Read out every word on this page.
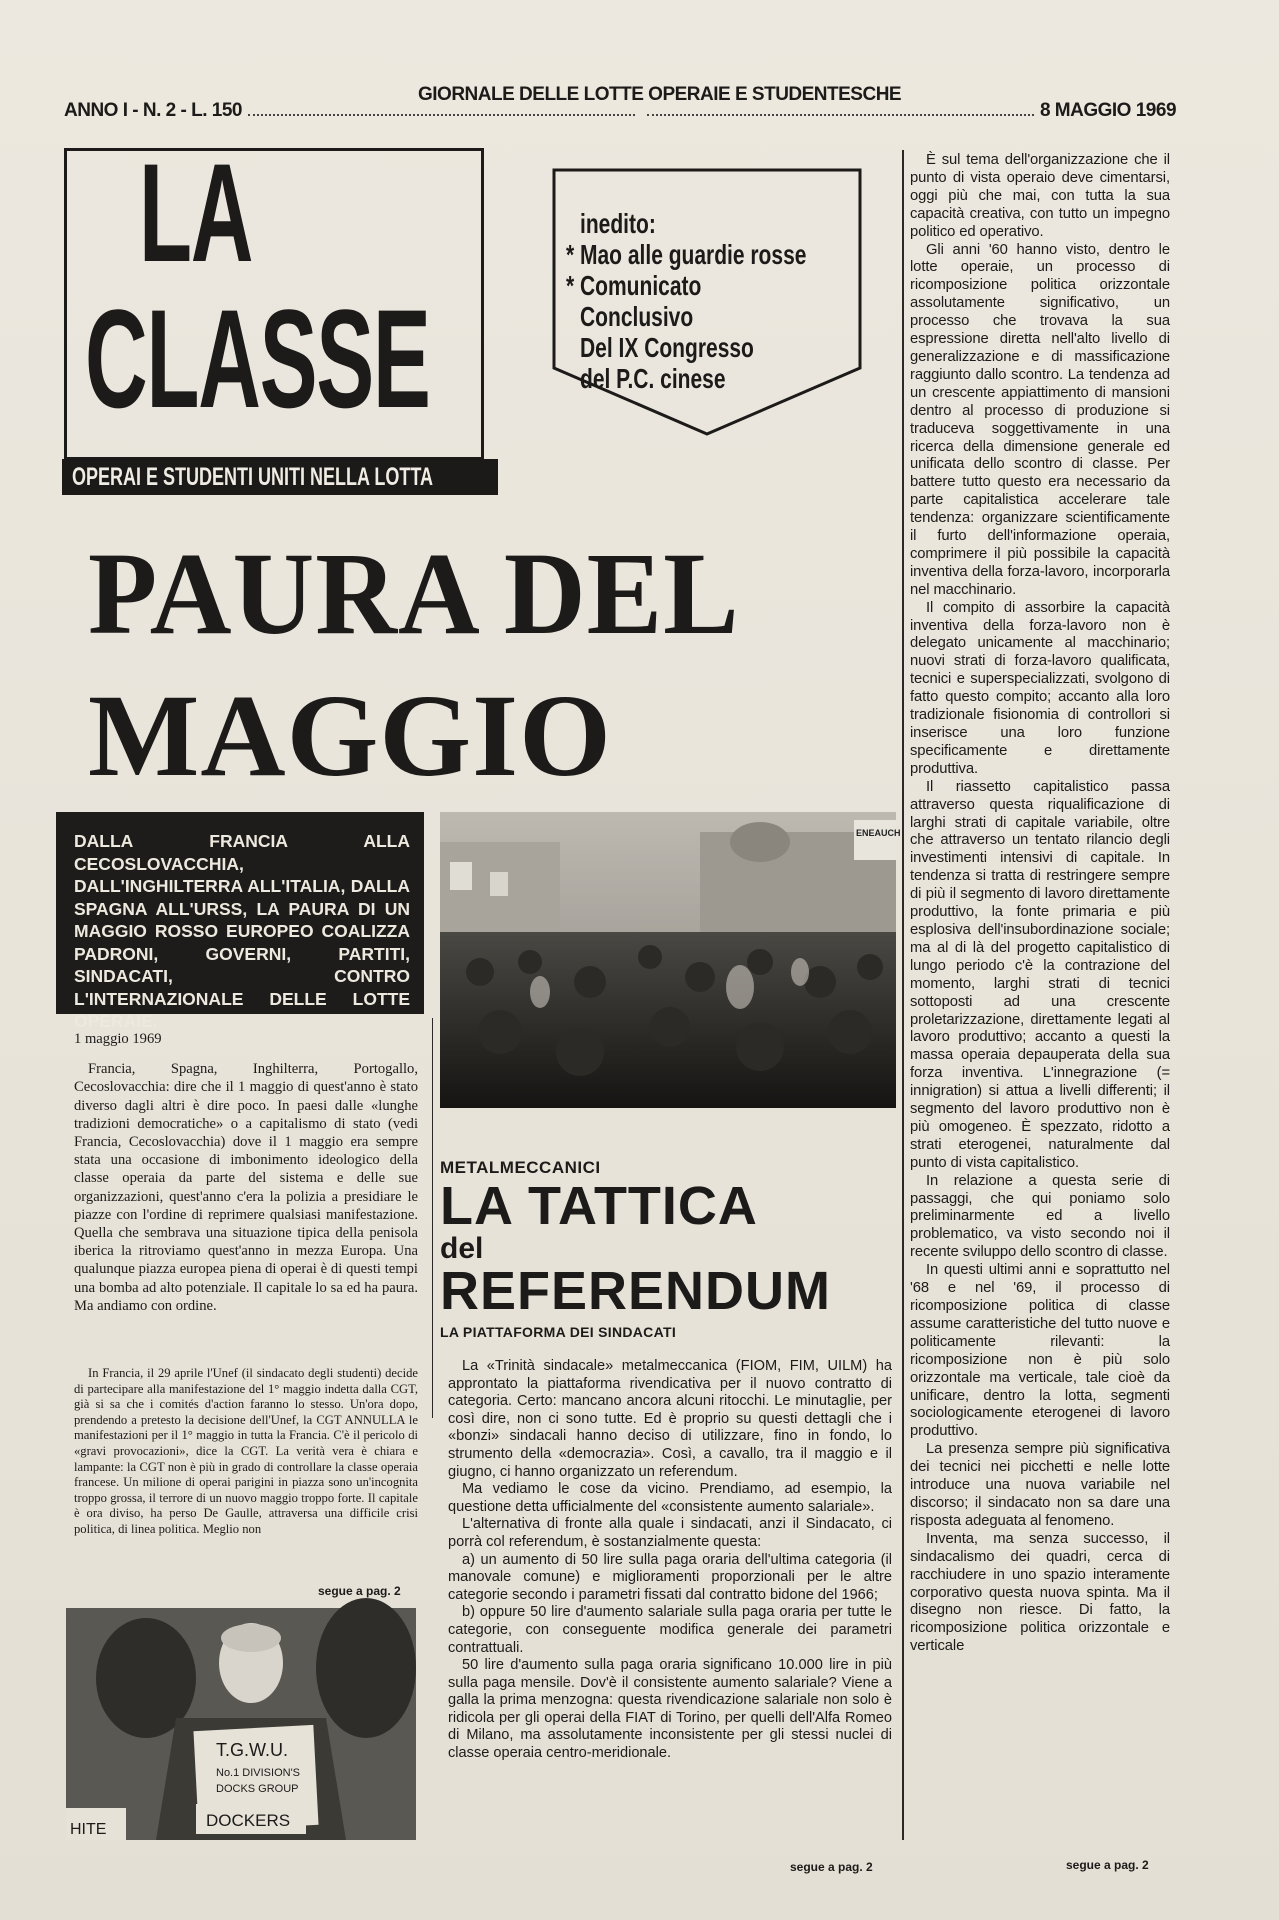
ANNO I - N. 2 - L. 150
GIORNALE DELLE LOTTE OPERAIE E STUDENTESCHE
8 MAGGIO 1969
LA
CLASSE
OPERAI E STUDENTI UNITI NELLA LOTTA
inedito:
* Mao alle guardie rosse
* Comunicato
Conclusivo
Del IX Congresso
del P.C. cinese
PAURA DEL
MAGGIO
DALLA FRANCIA ALLA CECOSLOVACCHIA, DALL'INGHILTERRA ALL'ITALIA, DALLA SPAGNA ALL'URSS, LA PAURA DI UN MAGGIO ROSSO EUROPEO COALIZZA PADRONI, GOVERNI, PARTITI, SINDACATI, CONTRO L'INTERNAZIONALE DELLE LOTTE OPERAIE.
ENEAUCH

1 maggio 1969

Francia, Spagna, Inghilterra, Portogallo, Cecoslovacchia: dire che il 1 maggio di quest'anno è stato diverso dagli altri è dire poco. In paesi dalle «lunghe tradizioni democratiche» o a capitalismo di stato (vedi Francia, Cecoslovacchia) dove il 1 maggio era sempre stata una occasione di imbonimento ideologico della classe operaia da parte del sistema e delle sue organizzazioni, quest'anno c'era la polizia a presidiare le piazze con l'ordine di reprimere qualsiasi manifestazione. Quella che sembrava una situazione tipica della penisola iberica la ritroviamo quest'anno in mezza Europa. Una qualunque piazza europea piena di operai è di questi tempi una bomba ad alto potenziale. Il capitale lo sa ed ha paura. Ma andiamo con ordine.

In Francia, il 29 aprile l'Unef (il sindacato degli studenti) decide di partecipare alla manifestazione del 1° maggio indetta dalla CGT, già si sa che i comités d'action faranno lo stesso. Un'ora dopo, prendendo a pretesto la decisione dell'Unef, la CGT ANNULLA le manifestazioni per il 1° maggio in tutta la Francia. C'è il pericolo di «gravi provocazioni», dice la CGT. La verità vera è chiara e lampante: la CGT non è più in grado di controllare la classe operaia francese. Un milione di operai parigini in piazza sono un'incognita troppo grossa, il terrore di un nuovo maggio troppo forte. Il capitale è ora diviso, ha perso De Gaulle, attraversa una difficile crisi politica, di linea politica. Meglio non

segue a pag. 2
T.G.W.U.
No.1 DIVISION'S
DOCKS GROUP
DOCKERS
HITE
METALMECCANICI
LA TATTICA
del
REFERENDUM
LA PIATTAFORMA DEI SINDACATI

La «Trinità sindacale» metalmeccanica (FIOM, FIM, UILM) ha approntato la piattaforma rivendicativa per il nuovo contratto di categoria. Certo: mancano ancora alcuni ritocchi. Le minutaglie, per così dire, non ci sono tutte. Ed è proprio su questi dettagli che i «bonzi» sindacali hanno deciso di utilizzare, fino in fondo, lo strumento della «democrazia». Così, a cavallo, tra il maggio e il giugno, ci hanno organizzato un referendum.

Ma vediamo le cose da vicino. Prendiamo, ad esempio, la questione detta ufficialmente del «consistente aumento salariale».

L'alternativa di fronte alla quale i sindacati, anzi il Sindacato, ci porrà col referendum, è sostanzialmente questa:

a) un aumento di 50 lire sulla paga oraria dell'ultima categoria (il manovale comune) e miglioramenti proporzionali per le altre categorie secondo i parametri fissati dal contratto bidone del 1966;

b) oppure 50 lire d'aumento salariale sulla paga oraria per tutte le categorie, con conseguente modifica generale dei parametri contrattuali.

50 lire d'aumento sulla paga oraria significano 10.000 lire in più sulla paga mensile. Dov'è il consistente aumento salariale? Viene a galla la prima menzogna: questa rivendicazione salariale non solo è ridicola per gli operai della FIAT di Torino, per quelli dell'Alfa Romeo di Milano, ma assolutamente inconsistente per gli stessi nuclei di classe operaia centro-meridionale.

segue a pag. 2

È sul tema dell'organizzazione che il punto di vista operaio deve cimentarsi, oggi più che mai, con tutta la sua capacità creativa, con tutto un impegno politico ed operativo.

Gli anni '60 hanno visto, dentro le lotte operaie, un processo di ricomposizione politica orizzontale assolutamente significativo, un processo che trovava la sua espressione diretta nell'alto livello di generalizzazione e di massificazione raggiunto dallo scontro. La tendenza ad un crescente appiattimento di mansioni dentro al processo di produzione si traduceva soggettivamente in una ricerca della dimensione generale ed unificata dello scontro di classe. Per battere tutto questo era necessario da parte capitalistica accelerare tale tendenza: organizzare scientificamente il furto dell'informazione operaia, comprimere il più possibile la capacità inventiva della forza-lavoro, incorporarla nel macchinario.

Il compito di assorbire la capacità inventiva della forza-lavoro non è delegato unicamente al macchinario; nuovi strati di forza-lavoro qualificata, tecnici e superspecializzati, svolgono di fatto questo compito; accanto alla loro tradizionale fisionomia di controllori si inserisce una loro funzione specificamente e direttamente produttiva.

Il riassetto capitalistico passa attraverso questa riqualificazione di larghi strati di capitale variabile, oltre che attraverso un tentato rilancio degli investimenti intensivi di capitale. In tendenza si tratta di restringere sempre di più il segmento di lavoro direttamente produttivo, la fonte primaria e più esplosiva dell'insubordinazione sociale; ma al di là del progetto capitalistico di lungo periodo c'è la contrazione del momento, larghi strati di tecnici sottoposti ad una crescente proletarizzazione, direttamente legati al lavoro produttivo; accanto a questi la massa operaia depauperata della sua forza inventiva. L'innegrazione (= innigration) si attua a livelli differenti; il segmento del lavoro produttivo non è più omogeneo. È spezzato, ridotto a strati eterogenei, naturalmente dal punto di vista capitalistico.

In relazione a questa serie di passaggi, che qui poniamo solo preliminarmente ed a livello problematico, va visto secondo noi il recente sviluppo dello scontro di classe.

In questi ultimi anni e soprattutto nel '68 e nel '69, il processo di ricomposizione politica di classe assume caratteristiche del tutto nuove e politicamente rilevanti: la ricomposizione non è più solo orizzontale ma verticale, tale cioè da unificare, dentro la lotta, segmenti sociologicamente eterogenei di lavoro produttivo.

La presenza sempre più significativa dei tecnici nei picchetti e nelle lotte introduce una nuova variabile nel discorso; il sindacato non sa dare una risposta adeguata al fenomeno.

Inventa, ma senza successo, il sindacalismo dei quadri, cerca di racchiudere in uno spazio interamente corporativo questa nuova spinta. Ma il disegno non riesce. Di fatto, la ricomposizione politica orizzontale e verticale

segue a pag. 2
